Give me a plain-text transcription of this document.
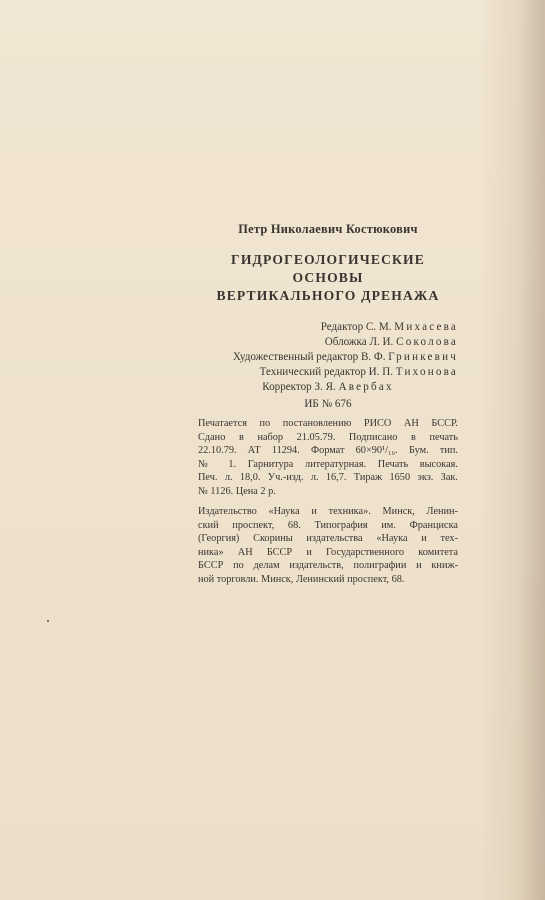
Петр Николаевич Костюкович
ГИДРОГЕОЛОГИЧЕСКИЕ ОСНОВЫ
ВЕРТИКАЛЬНОГО ДРЕНАЖА
Редактор С. М. Михасева
Обложка Л. И. Соколова
Художественный редактор В. Ф. Гринкевич
Технический редактор И. П. Тихонова
Корректор З. Я. Авербах
ИБ № 676
Печатается по постановлению РИСО АН БССР.
Сдано в набор 21.05.79. Подписано в печать
22.10.79. АТ 11294. Формат 60×90¹/₁₆. Бум. тип.
№ 1. Гарнитура литературная. Печать высокая.
Печ. л. 18,0. Уч.-изд. л. 16,7. Тираж 1650 экз. Зак.
№ 1126. Цена 2 р.
Издательство «Наука и техника». Минск, Ленин-
ский проспект, 68. Типография им. Франциска
(Георгия) Скорины издательства «Наука и тех-
ника» АН БССР и Государственного комитета
БССР по делам издательств, полиграфии и книж-
ной торговли. Минск, Ленинский проспект, 68.
